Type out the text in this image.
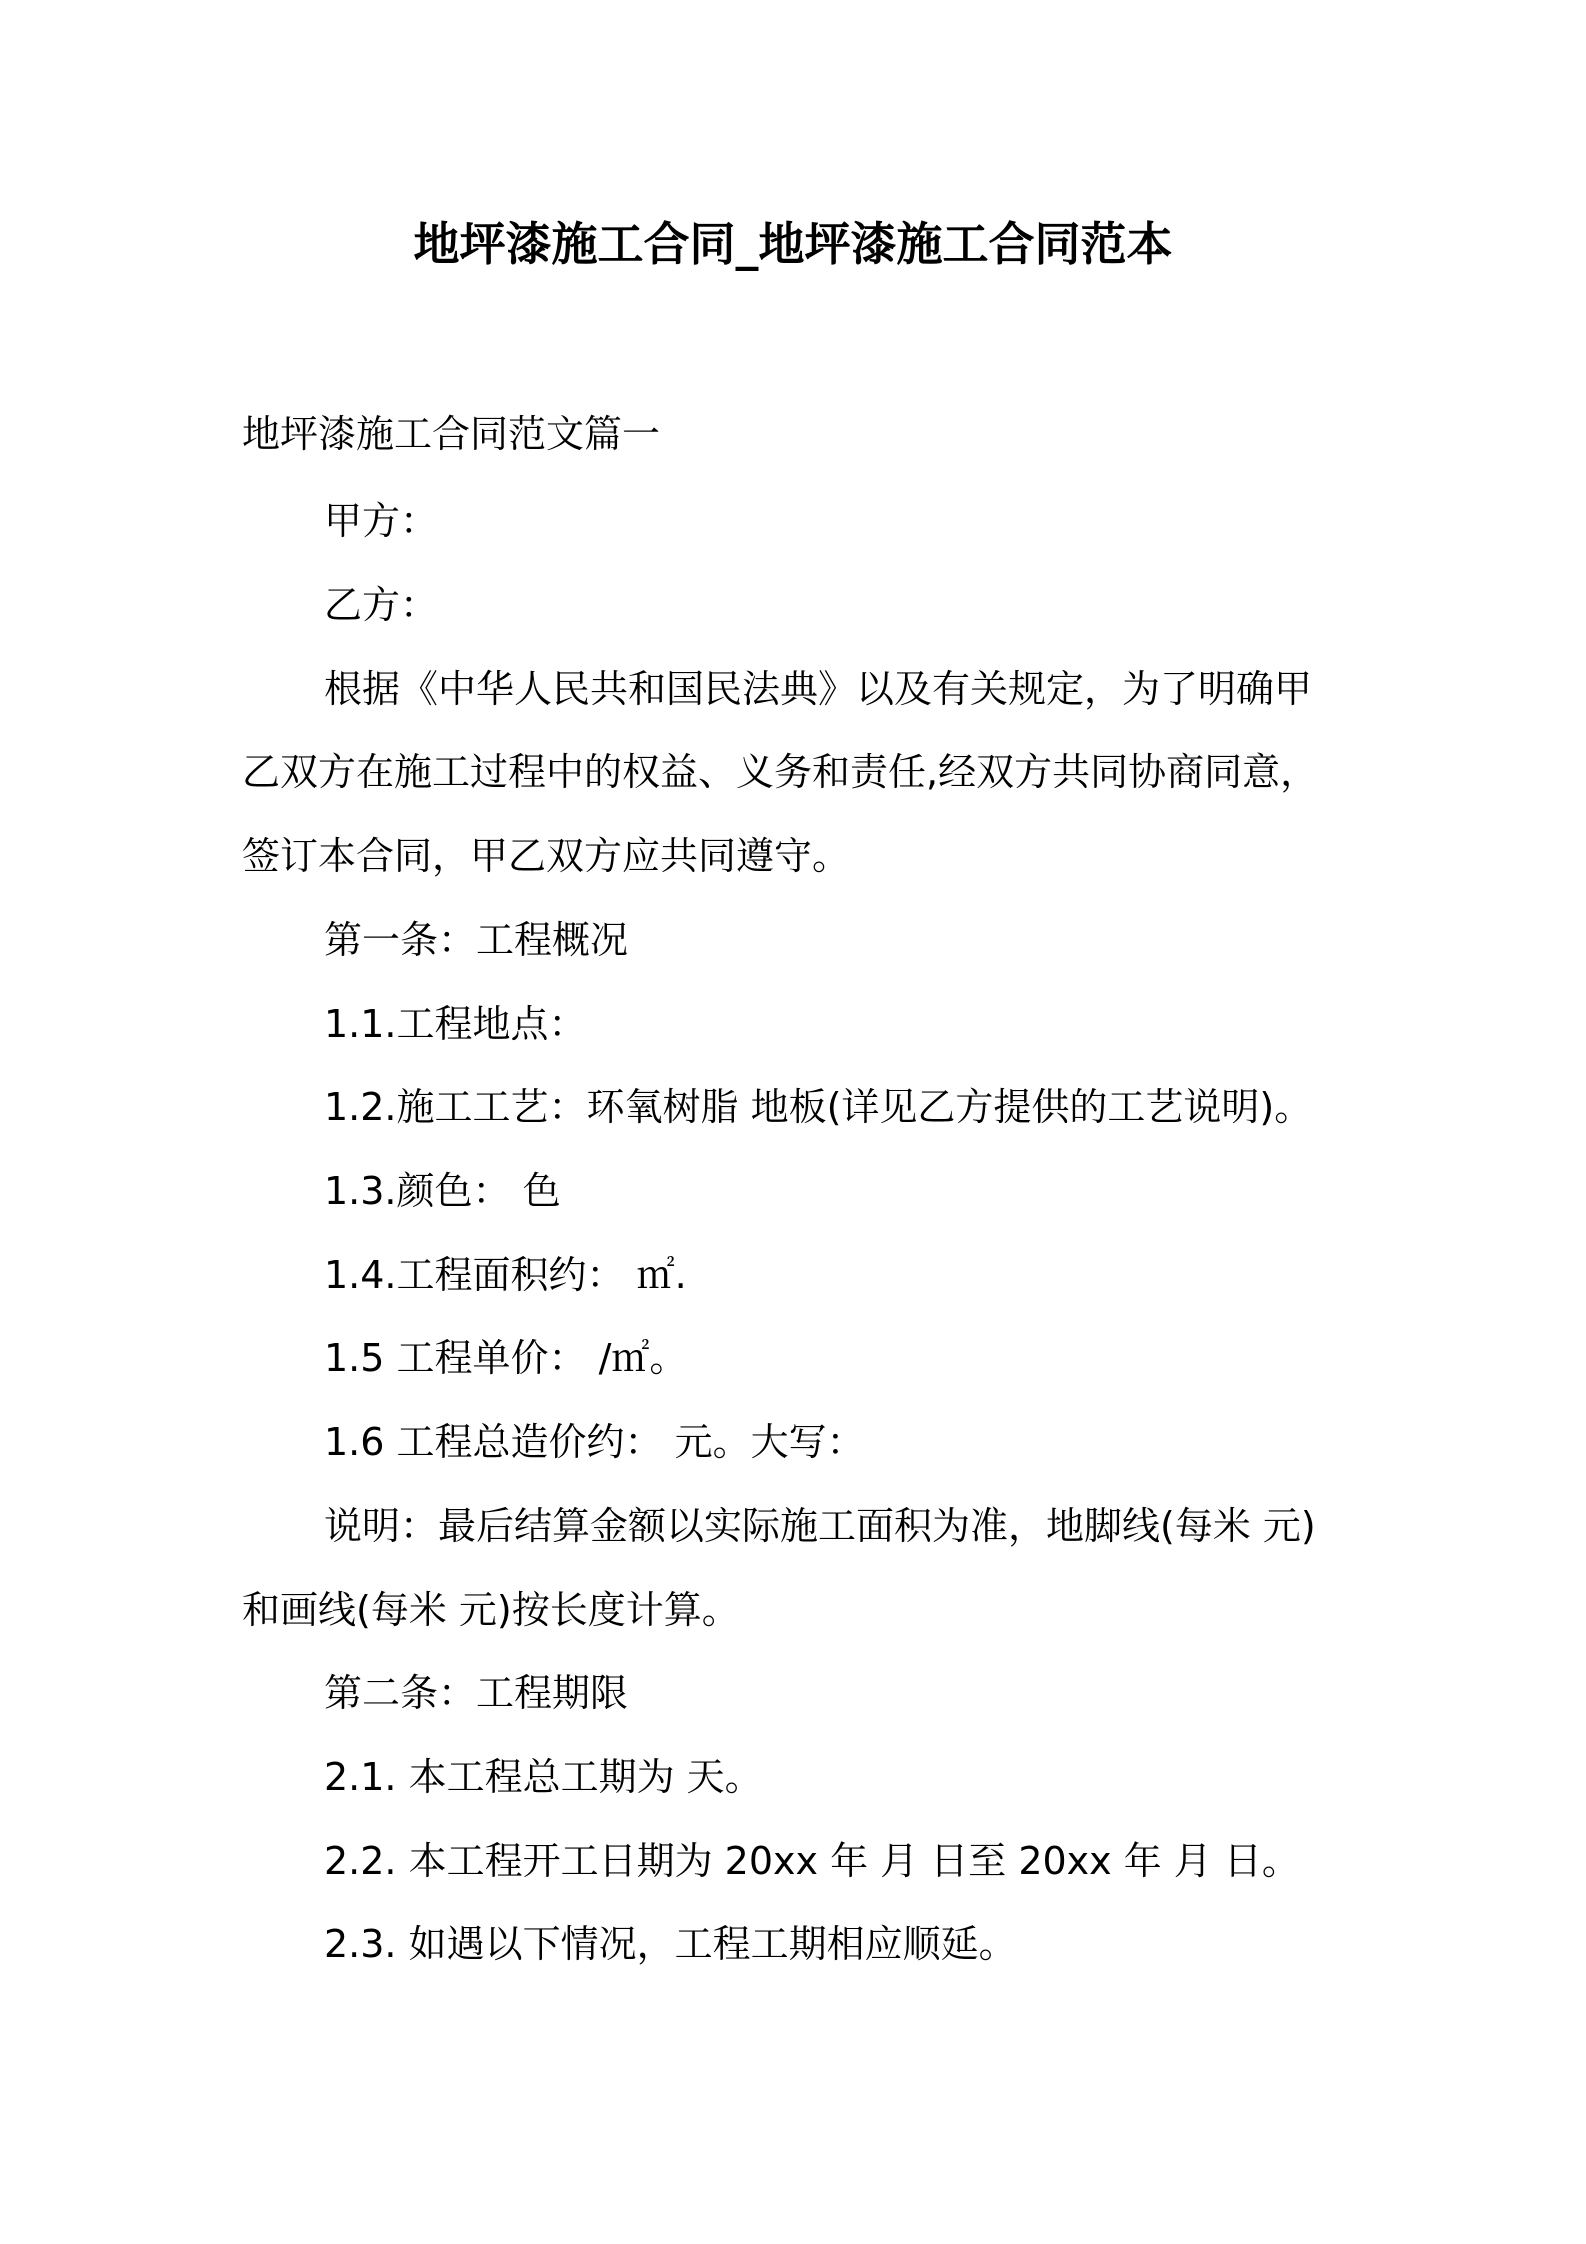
地坪漆施工合同_地坪漆施工合同范本
地坪漆施工合同范文篇一
甲方：
乙方：
根据《中华人民共和国民法典》以及有关规定，为了明确甲
乙双方在施工过程中的权益、义务和责任,经双方共同协商同意，
签订本合同，甲乙双方应共同遵守。
第一条：工程概况
1.1.工程地点：
1.2.施工工艺：环氧树脂 地板(详见乙方提供的工艺说明)。
1.3.颜色： 色
1.4.工程面积约： ㎡.
1.5 工程单价： /㎡。
1.6 工程总造价约： 元。大写：
说明：最后结算金额以实际施工面积为准，地脚线(每米 元)
和画线(每米 元)按长度计算。
第二条：工程期限
2.1. 本工程总工期为 天。
2.2. 本工程开工日期为 20xx 年 月 日至 20xx 年 月 日。
2.3. 如遇以下情况，工程工期相应顺延。
